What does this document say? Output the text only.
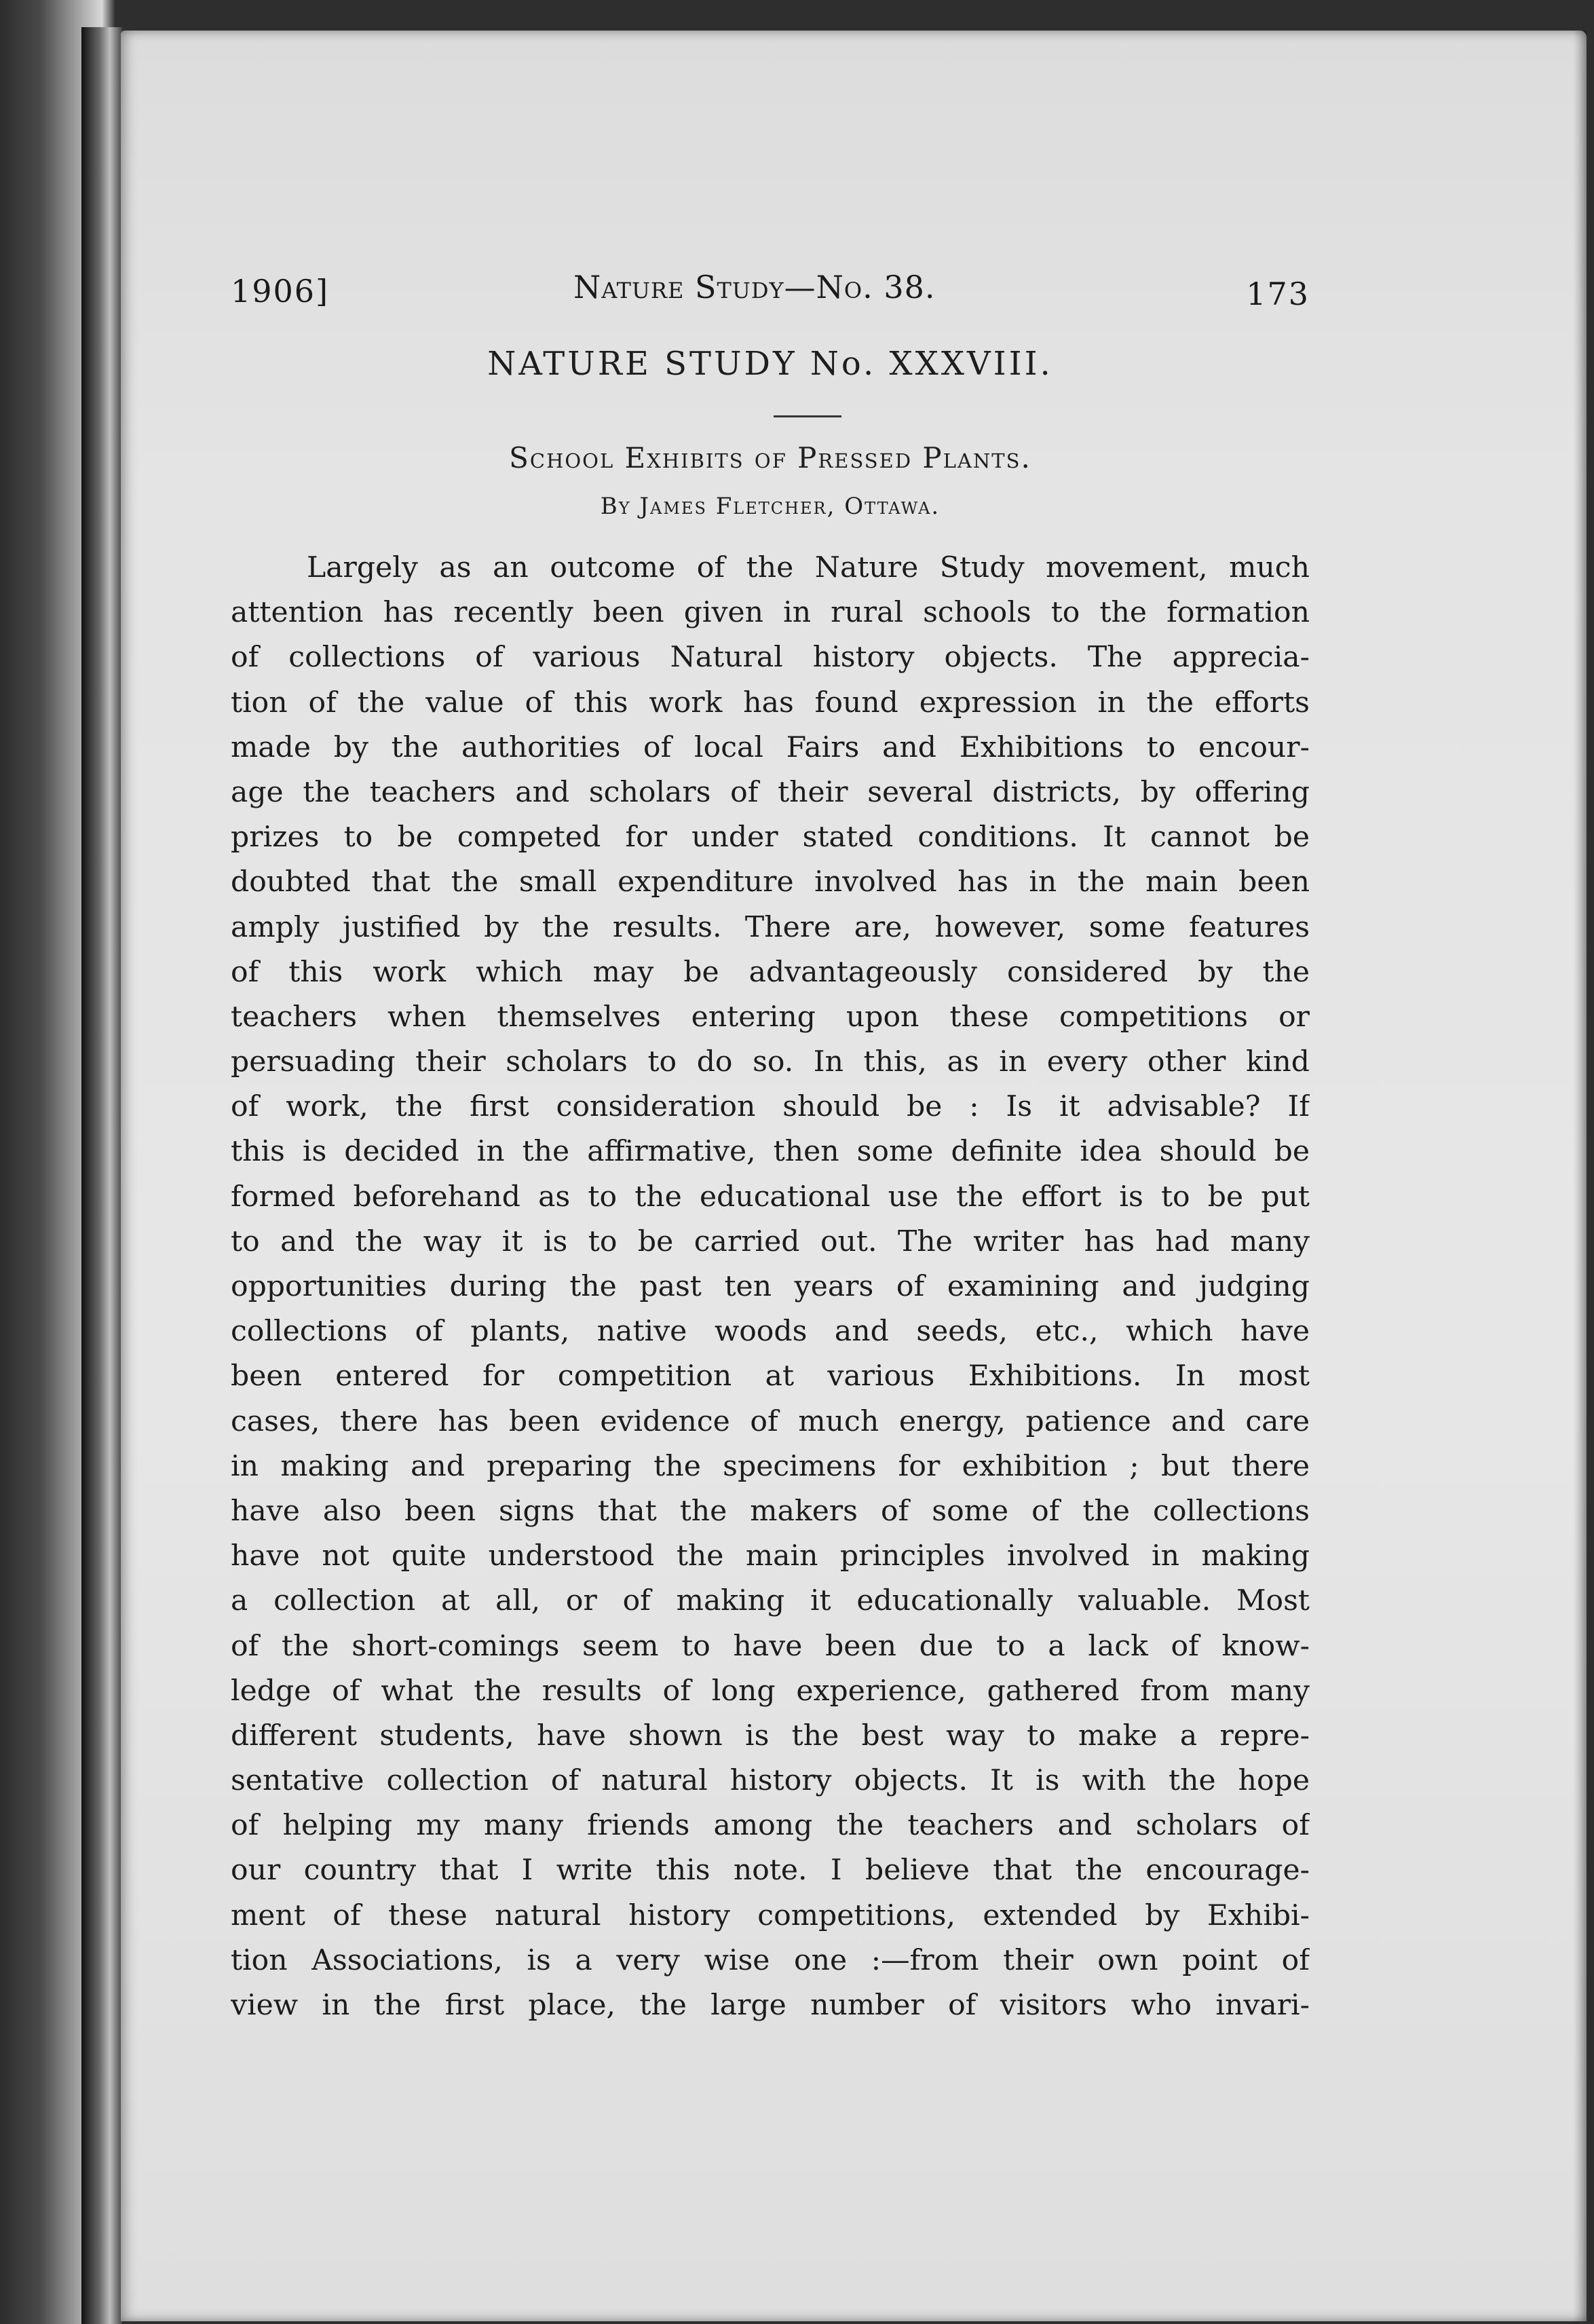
1906]	Nature Study—No. 38.	173
NATURE STUDY No. XXXVIII.
School Exhibits of Pressed Plants.
By James Fletcher, Ottawa.
Largely as an outcome of the Nature Study movement, much
attention has recently been given in rural schools to the formation
of collections of various Natural history objects. The apprecia-
tion of the value of this work has found expression in the efforts
made by the authorities of local Fairs and Exhibitions to encour-
age the teachers and scholars of their several districts, by offering
prizes to be competed for under stated conditions. It cannot be
doubted that the small expenditure involved has in the main been
amply justified by the results. There are, however, some features
of this work which may be advantageously considered by the
teachers when themselves entering upon these competitions or
persuading their scholars to do so. In this, as in every other kind
of work, the first consideration should be : Is it advisable? If
this is decided in the affirmative, then some definite idea should be
formed beforehand as to the educational use the effort is to be put
to and the way it is to be carried out. The writer has had many
opportunities during the past ten years of examining and judging
collections of plants, native woods and seeds, etc., which have
been entered for competition at various Exhibitions. In most
cases, there has been evidence of much energy, patience and care
in making and preparing the specimens for exhibition ; but there
have also been signs that the makers of some of the collections
have not quite understood the main principles involved in making
a collection at all, or of making it educationally valuable. Most
of the short-comings seem to have been due to a lack of know-
ledge of what the results of long experience, gathered from many
different students, have shown is the best way to make a repre-
sentative collection of natural history objects. It is with the hope
of helping my many friends among the teachers and scholars of
our country that I write this note. I believe that the encourage-
ment of these natural history competitions, extended by Exhibi-
tion Associations, is a very wise one :—from their own point of
view in the first place, the large number of visitors who invari-
